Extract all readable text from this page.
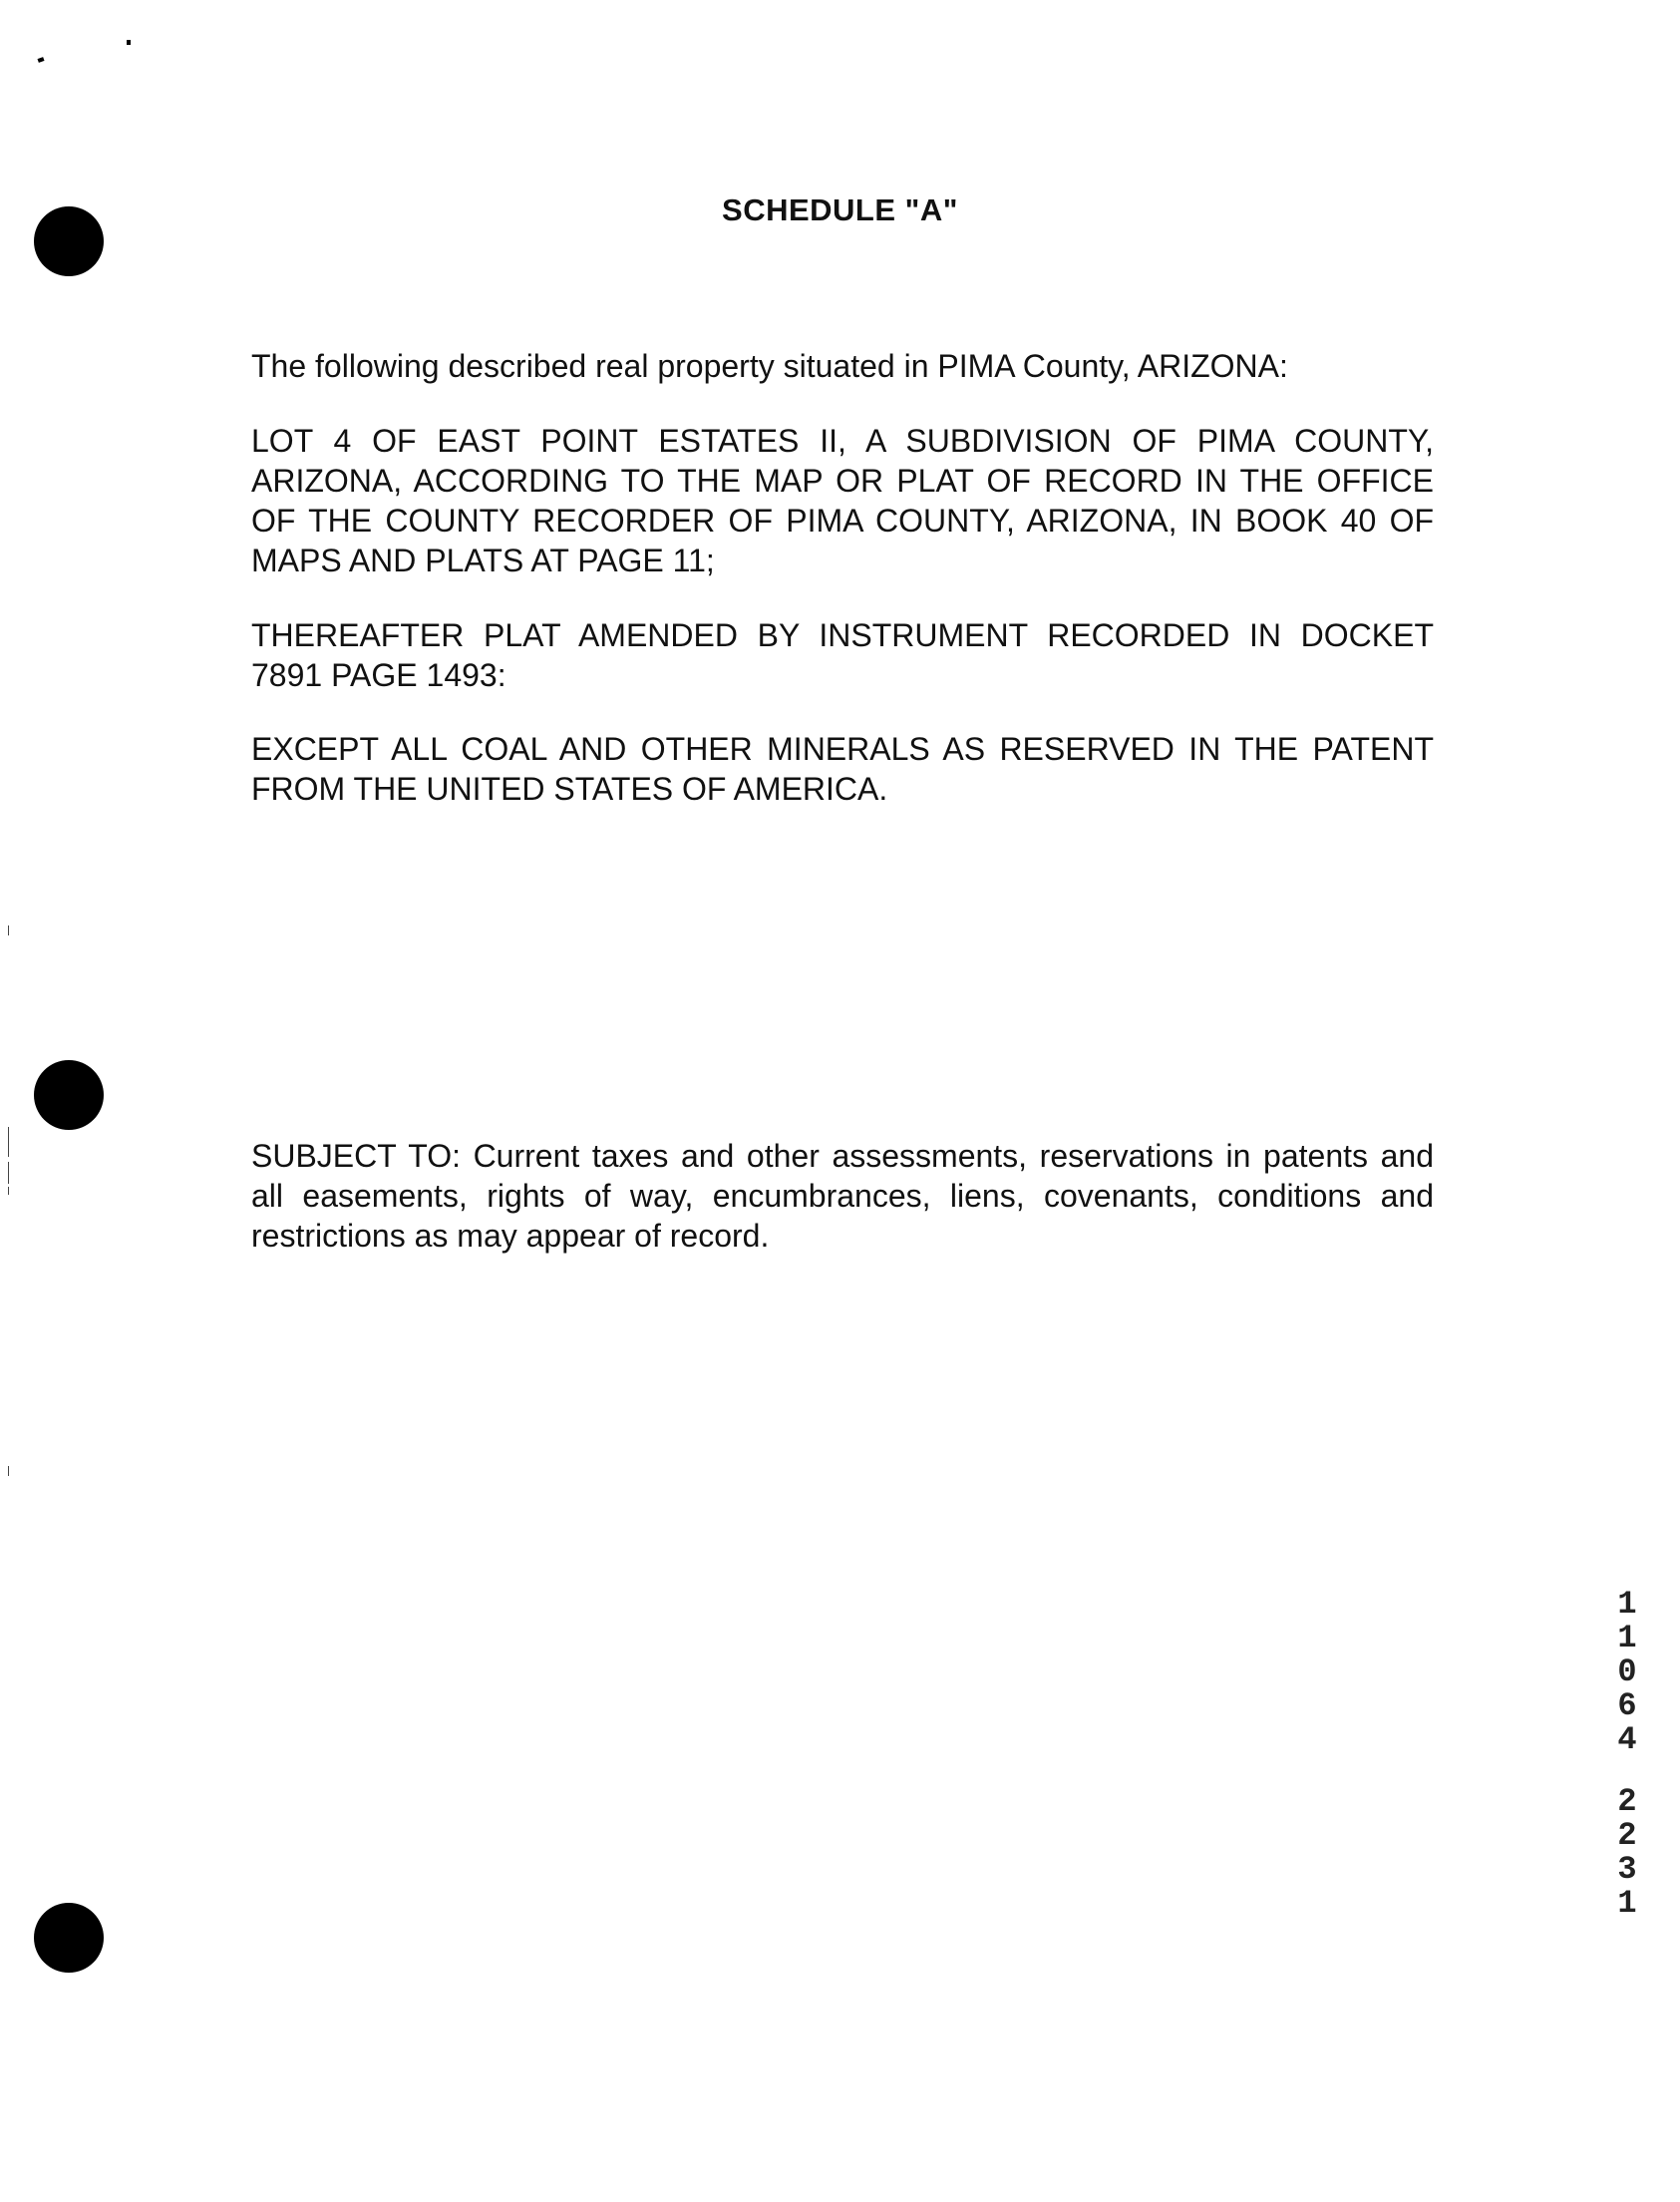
SCHEDULE "A"
The following described real property situated in PIMA County, ARIZONA:
LOT 4 OF EAST POINT ESTATES II, A SUBDIVISION OF PIMA COUNTY, ARIZONA, ACCORDING TO THE MAP OR PLAT OF RECORD IN THE OFFICE OF THE COUNTY RECORDER OF PIMA COUNTY, ARIZONA, IN BOOK 40 OF MAPS AND PLATS AT PAGE 11;
THEREAFTER PLAT AMENDED BY INSTRUMENT RECORDED IN DOCKET 7891 PAGE 1493:
EXCEPT ALL COAL AND OTHER MINERALS AS RESERVED IN THE PATENT FROM THE UNITED STATES OF AMERICA.
SUBJECT TO: Current taxes and other assessments, reservations in patents and all easements, rights of way, encumbrances, liens, covenants, conditions and restrictions as may appear of record.
1
1
0
6
4
2
2
3
1
